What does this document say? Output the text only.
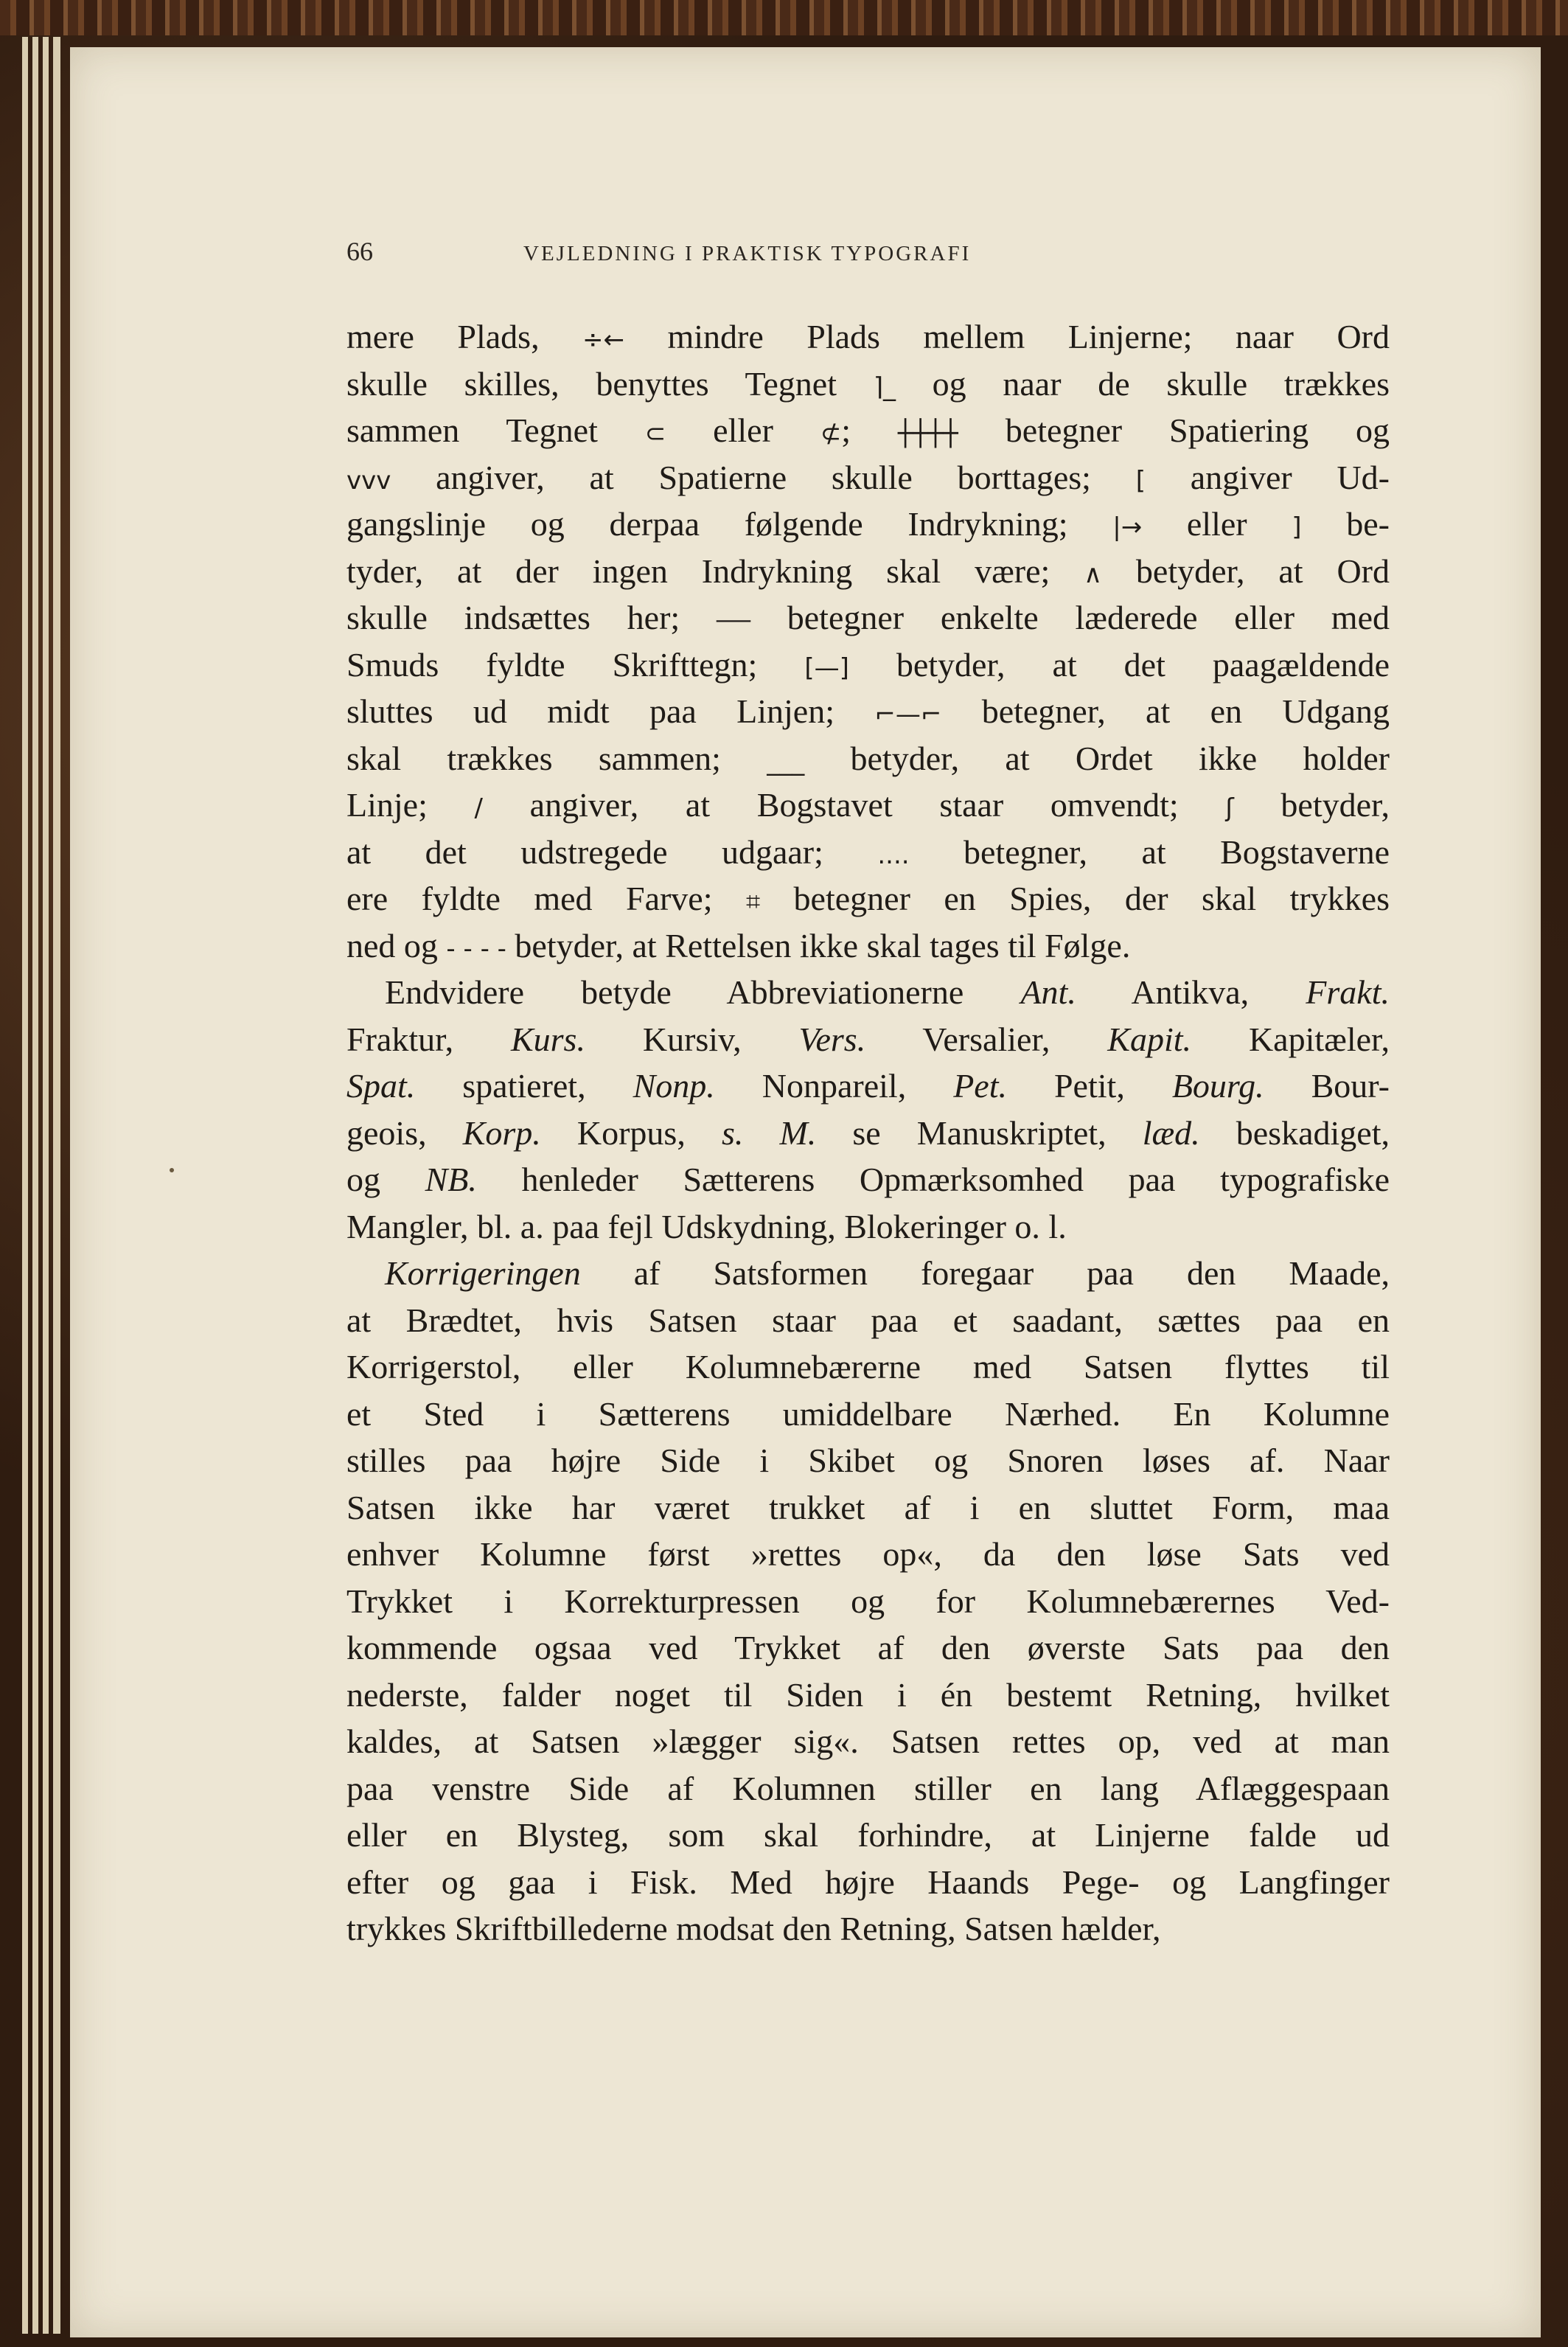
66	VEJLEDNING I PRAKTISK TYPOGRAFI
mere Plads, ÷← mindre Plads mellem Linjerne; naar Ord
skulle skilles, benyttes Tegnet ⌉_ og naar de skulle trækkes
sammen Tegnet ⊂ eller ⊄; ┼┼┼┼ betegner Spatiering og
vvv angiver, at Spatierne skulle borttages; [ angiver Ud-
gangslinje og derpaa følgende Indrykning; |→ eller ] be-
tyder, at der ingen Indrykning skal være; ∧ betyder, at Ord
skulle indsættes her; — betegner enkelte læderede eller med
Smuds fyldte Skrifttegn; [—] betyder, at det paagældende
sluttes ud midt paa Linjen; ⌐—⌐ betegner, at en Udgang
skal trækkes sammen; ___ betyder, at Ordet ikke holder
Linje; / angiver, at Bogstavet staar omvendt; ʃ betyder,
at det udstregede udgaar; .... betegner, at Bogstaverne
ere fyldte med Farve; ⌗ betegner en Spies, der skal trykkes
ned og - - - - betyder, at Rettelsen ikke skal tages til Følge.
Endvidere betyde Abbreviationerne Ant. Antikva, Frakt.
Fraktur, Kurs. Kursiv, Vers. Versalier, Kapit. Kapitæler,
Spat. spatieret, Nonp. Nonpareil, Pet. Petit, Bourg. Bour-
geois, Korp. Korpus, s. M. se Manuskriptet, læd. beskadiget,
og NB. henleder Sætterens Opmærksomhed paa typografiske
Mangler, bl. a. paa fejl Udskydning, Blokeringer o. l.
Korrigeringen af Satsformen foregaar paa den Maade,
at Brædtet, hvis Satsen staar paa et saadant, sættes paa en
Korrigerstol, eller Kolumnebærerne med Satsen flyttes til
et Sted i Sætterens umiddelbare Nærhed. En Kolumne
stilles paa højre Side i Skibet og Snoren løses af. Naar
Satsen ikke har været trukket af i en sluttet Form, maa
enhver Kolumne først »rettes op«, da den løse Sats ved
Trykket i Korrekturpressen og for Kolumnebærernes Ved-
kommende ogsaa ved Trykket af den øverste Sats paa den
nederste, falder noget til Siden i én bestemt Retning, hvilket
kaldes, at Satsen »lægger sig«. Satsen rettes op, ved at man
paa venstre Side af Kolumnen stiller en lang Aflæggespaan
eller en Blysteg, som skal forhindre, at Linjerne falde ud
efter og gaa i Fisk. Med højre Haands Pege- og Langfinger
trykkes Skriftbillederne modsat den Retning, Satsen hælder,
